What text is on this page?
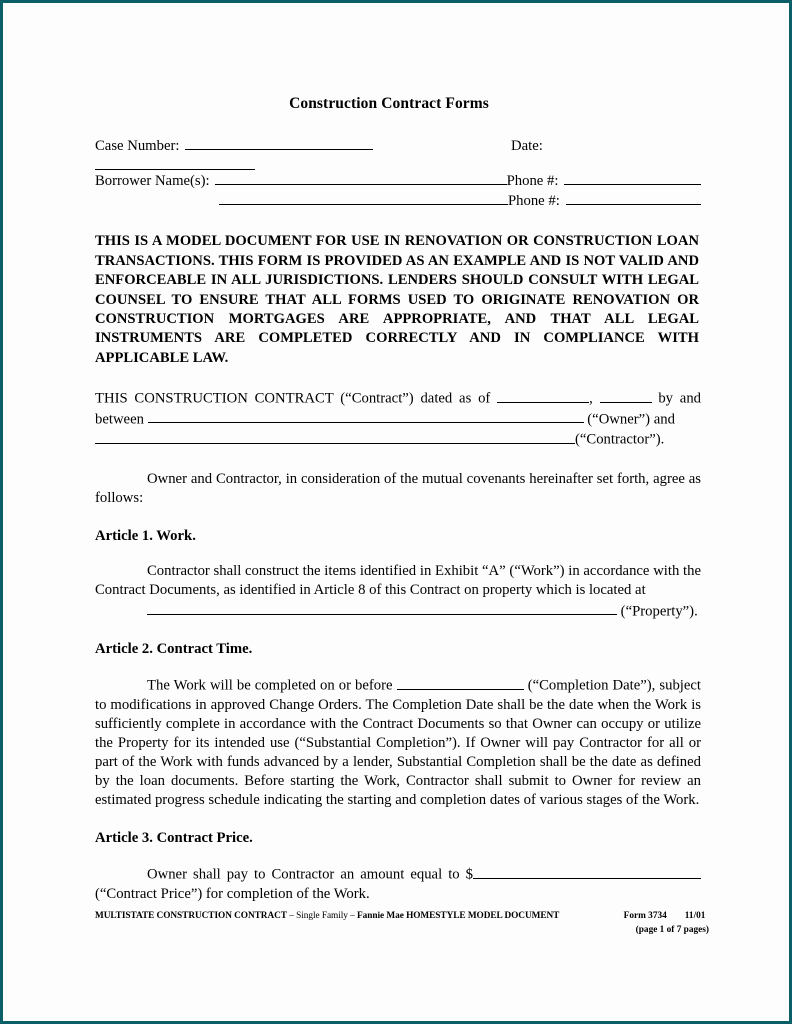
Construction Contract Forms
Case Number:	Date:
Borrower Name(s):	Phone #:
Phone #:

THIS IS A MODEL DOCUMENT FOR USE IN RENOVATION OR CONSTRUCTION LOAN TRANSACTIONS. THIS FORM IS PROVIDED AS AN EXAMPLE AND IS NOT VALID AND ENFORCEABLE IN ALL JURISDICTIONS. LENDERS SHOULD CONSULT WITH LEGAL COUNSEL TO ENSURE THAT ALL FORMS USED TO ORIGINATE RENOVATION OR CONSTRUCTION MORTGAGES ARE APPROPRIATE, AND THAT ALL LEGAL INSTRUMENTS ARE COMPLETED CORRECTLY AND IN COMPLIANCE WITH APPLICABLE LAW.

THIS CONSTRUCTION CONTRACT (“Contract”) dated as of	,	by and between	(“Owner”) and
(“Contractor”).

Owner and Contractor, in consideration of the mutual covenants hereinafter set forth, agree as follows:

Article 1. Work.

Contractor shall construct the items identified in Exhibit “A” (“Work”) in accordance with the Contract Documents, as identified in Article 8 of this Contract on property which is located at
(“Property”).

Article 2. Contract Time.

The Work will be completed on or before	(“Completion Date”), subject to modifications in approved Change Orders. The Completion Date shall be the date when the Work is sufficiently complete in accordance with the Contract Documents so that Owner can occupy or utilize the Property for its intended use (“Substantial Completion”). If Owner will pay Contractor for all or part of the Work with funds advanced by a lender, Substantial Completion shall be the date as defined by the loan documents. Before starting the Work, Contractor shall submit to Owner for review an estimated progress schedule indicating the starting and completion dates of various stages of the Work.

Article 3. Contract Price.

Owner shall pay to Contractor an amount equal to $ (“Contract Price”) for completion of the Work.

MULTISTATE CONSTRUCTION CONTRACT – Single Family – Fannie Mae HOMESTYLE MODEL DOCUMENT	Form 3734 11/01
(page 1 of 7 pages)
